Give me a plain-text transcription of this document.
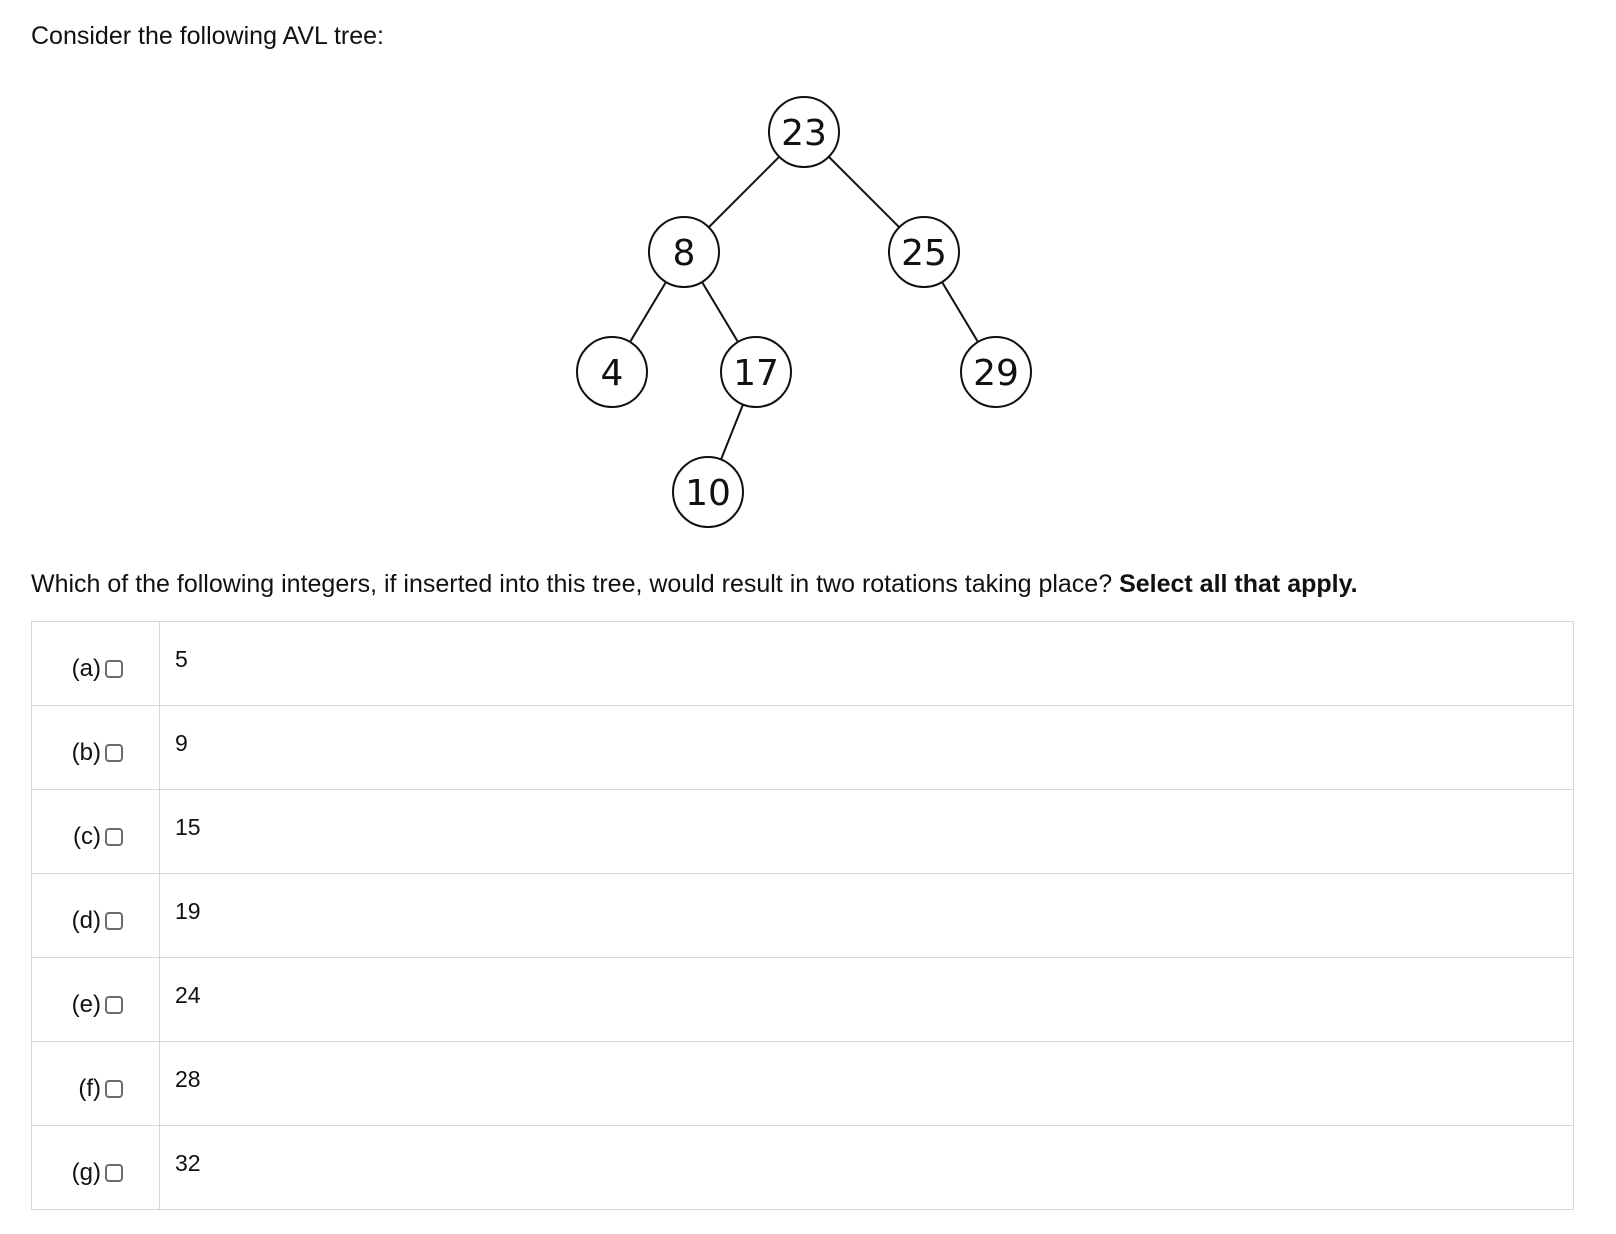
Consider the following AVL tree:

23
8	25
4	17	29
10

Which of the following integers, if inserted into this tree, would result in two rotations taking place? Select all that apply.

(a)	5

(b)	9

(c)	15

(d)	19

(e)	24

(f)	28

(g)	32
